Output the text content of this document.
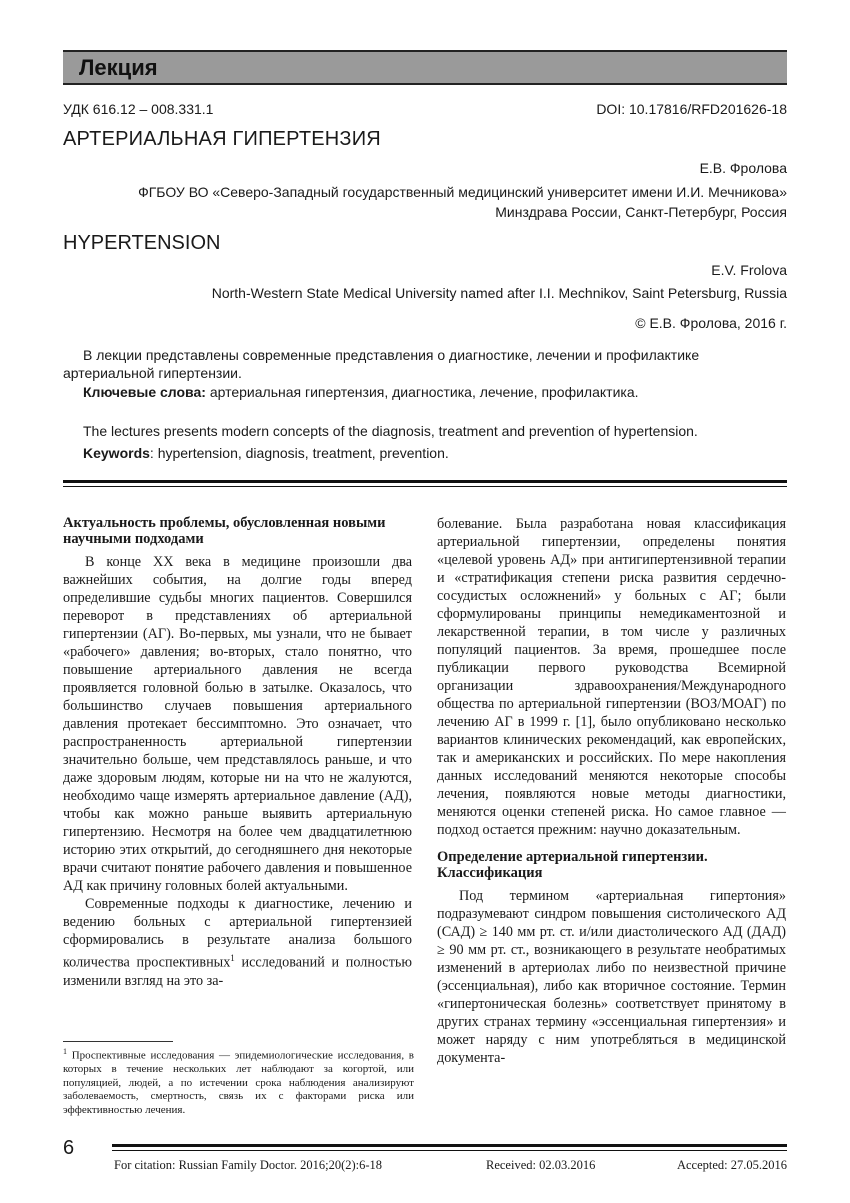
Лекция
УДК 616.12 – 008.331.1	DOI: 10.17816/RFD201626-18
АРТЕРИАЛЬНАЯ ГИПЕРТЕНЗИЯ
Е.В. Фролова
ФГБОУ ВО «Северо-Западный государственный медицинский университет имени И.И. Мечникова» Минздрава России, Санкт-Петербург, Россия
HYPERTENSION
E.V. Frolova
North-Western State Medical University named after I.I. Mechnikov, Saint Petersburg, Russia
© Е.В. Фролова, 2016 г.
В лекции представлены современные представления о диагностике, лечении и профилактике артериальной гипертензии.
Ключевые слова: артериальная гипертензия, диагностика, лечение, профилактика.
The lectures presents modern concepts of the diagnosis, treatment and prevention of hypertension.
Keywords: hypertension, diagnosis, treatment, prevention.
Актуальность проблемы, обусловленная новыми научными подходами

В конце XX века в медицине произошли два важнейших события, на долгие годы вперед определившие судьбы многих пациентов. Совершился переворот в представлениях об артериальной гипертензии (АГ). Во-первых, мы узнали, что не бывает «рабочего» давления; во-вторых, стало понятно, что повышение артериального давления не всегда проявляется головной болью в затылке. Оказалось, что большинство случаев повышения артериального давления протекает бессимптомно. Это означает, что распространенность артериальной гипертензии значительно больше, чем представлялось раньше, и что даже здоровым людям, которые ни на что не жалуются, необходимо чаще измерять артериальное давление (АД), чтобы как можно раньше выявить артериальную гипертензию. Несмотря на более чем двадцатилетнюю историю этих открытий, до сегодняшнего дня некоторые врачи считают понятие рабочего давления и повышенное АД как причину головных болей актуальными.

Современные подходы к диагностике, лечению и ведению больных с артериальной гипертензией сформировались в результате анализа большого количества проспективных$^1$ исследований и полностью изменили взгляд на это за-

$^1$ Проспективные исследования — эпидемиологические исследования, в которых в течение нескольких лет наблюдают за когортой, или популяцией, людей, а по истечении срока наблюдения анализируют заболеваемость, смертность, связь их с факторами риска или эффективностью лечения.

болевание. Была разработана новая классификация артериальной гипертензии, определены понятия «целевой уровень АД» при антигипертензивной терапии и «стратификация степени риска развития сердечно-сосудистых осложнений» у больных с АГ; были сформулированы принципы немедикаментозной и лекарственной терапии, в том числе у различных популяций пациентов. За время, прошедшее после публикации первого руководства Всемирной организации здравоохранения/Международного общества по артериальной гипертензии (ВОЗ/МОАГ) по лечению АГ в 1999 г. [1], было опубликовано несколько вариантов клинических рекомендаций, как европейских, так и американских и российских. По мере накопления данных исследований меняются некоторые способы лечения, появляются новые методы диагностики, меняются оценки степеней риска. Но самое главное — подход остается прежним: научно доказательным.

Определение артериальной гипертензии. Классификация

Под термином «артериальная гипертония» подразумевают синдром повышения систолического АД (САД) ≥ 140 мм рт. ст. и/или диастолического АД (ДАД) ≥ 90 мм рт. ст., возникающего в результате необратимых изменений в артериолах либо по неизвестной причине (эссенциальная), либо как вторичное состояние. Термин «гипертоническая болезнь» соответствует принятому в других странах термину «эссенциальная гипертензия» и может наряду с ним употребляться в медицинской документа-

6
For citation: Russian Family Doctor. 2016;20(2):6-18	Received: 02.03.2016	Accepted: 27.05.2016
